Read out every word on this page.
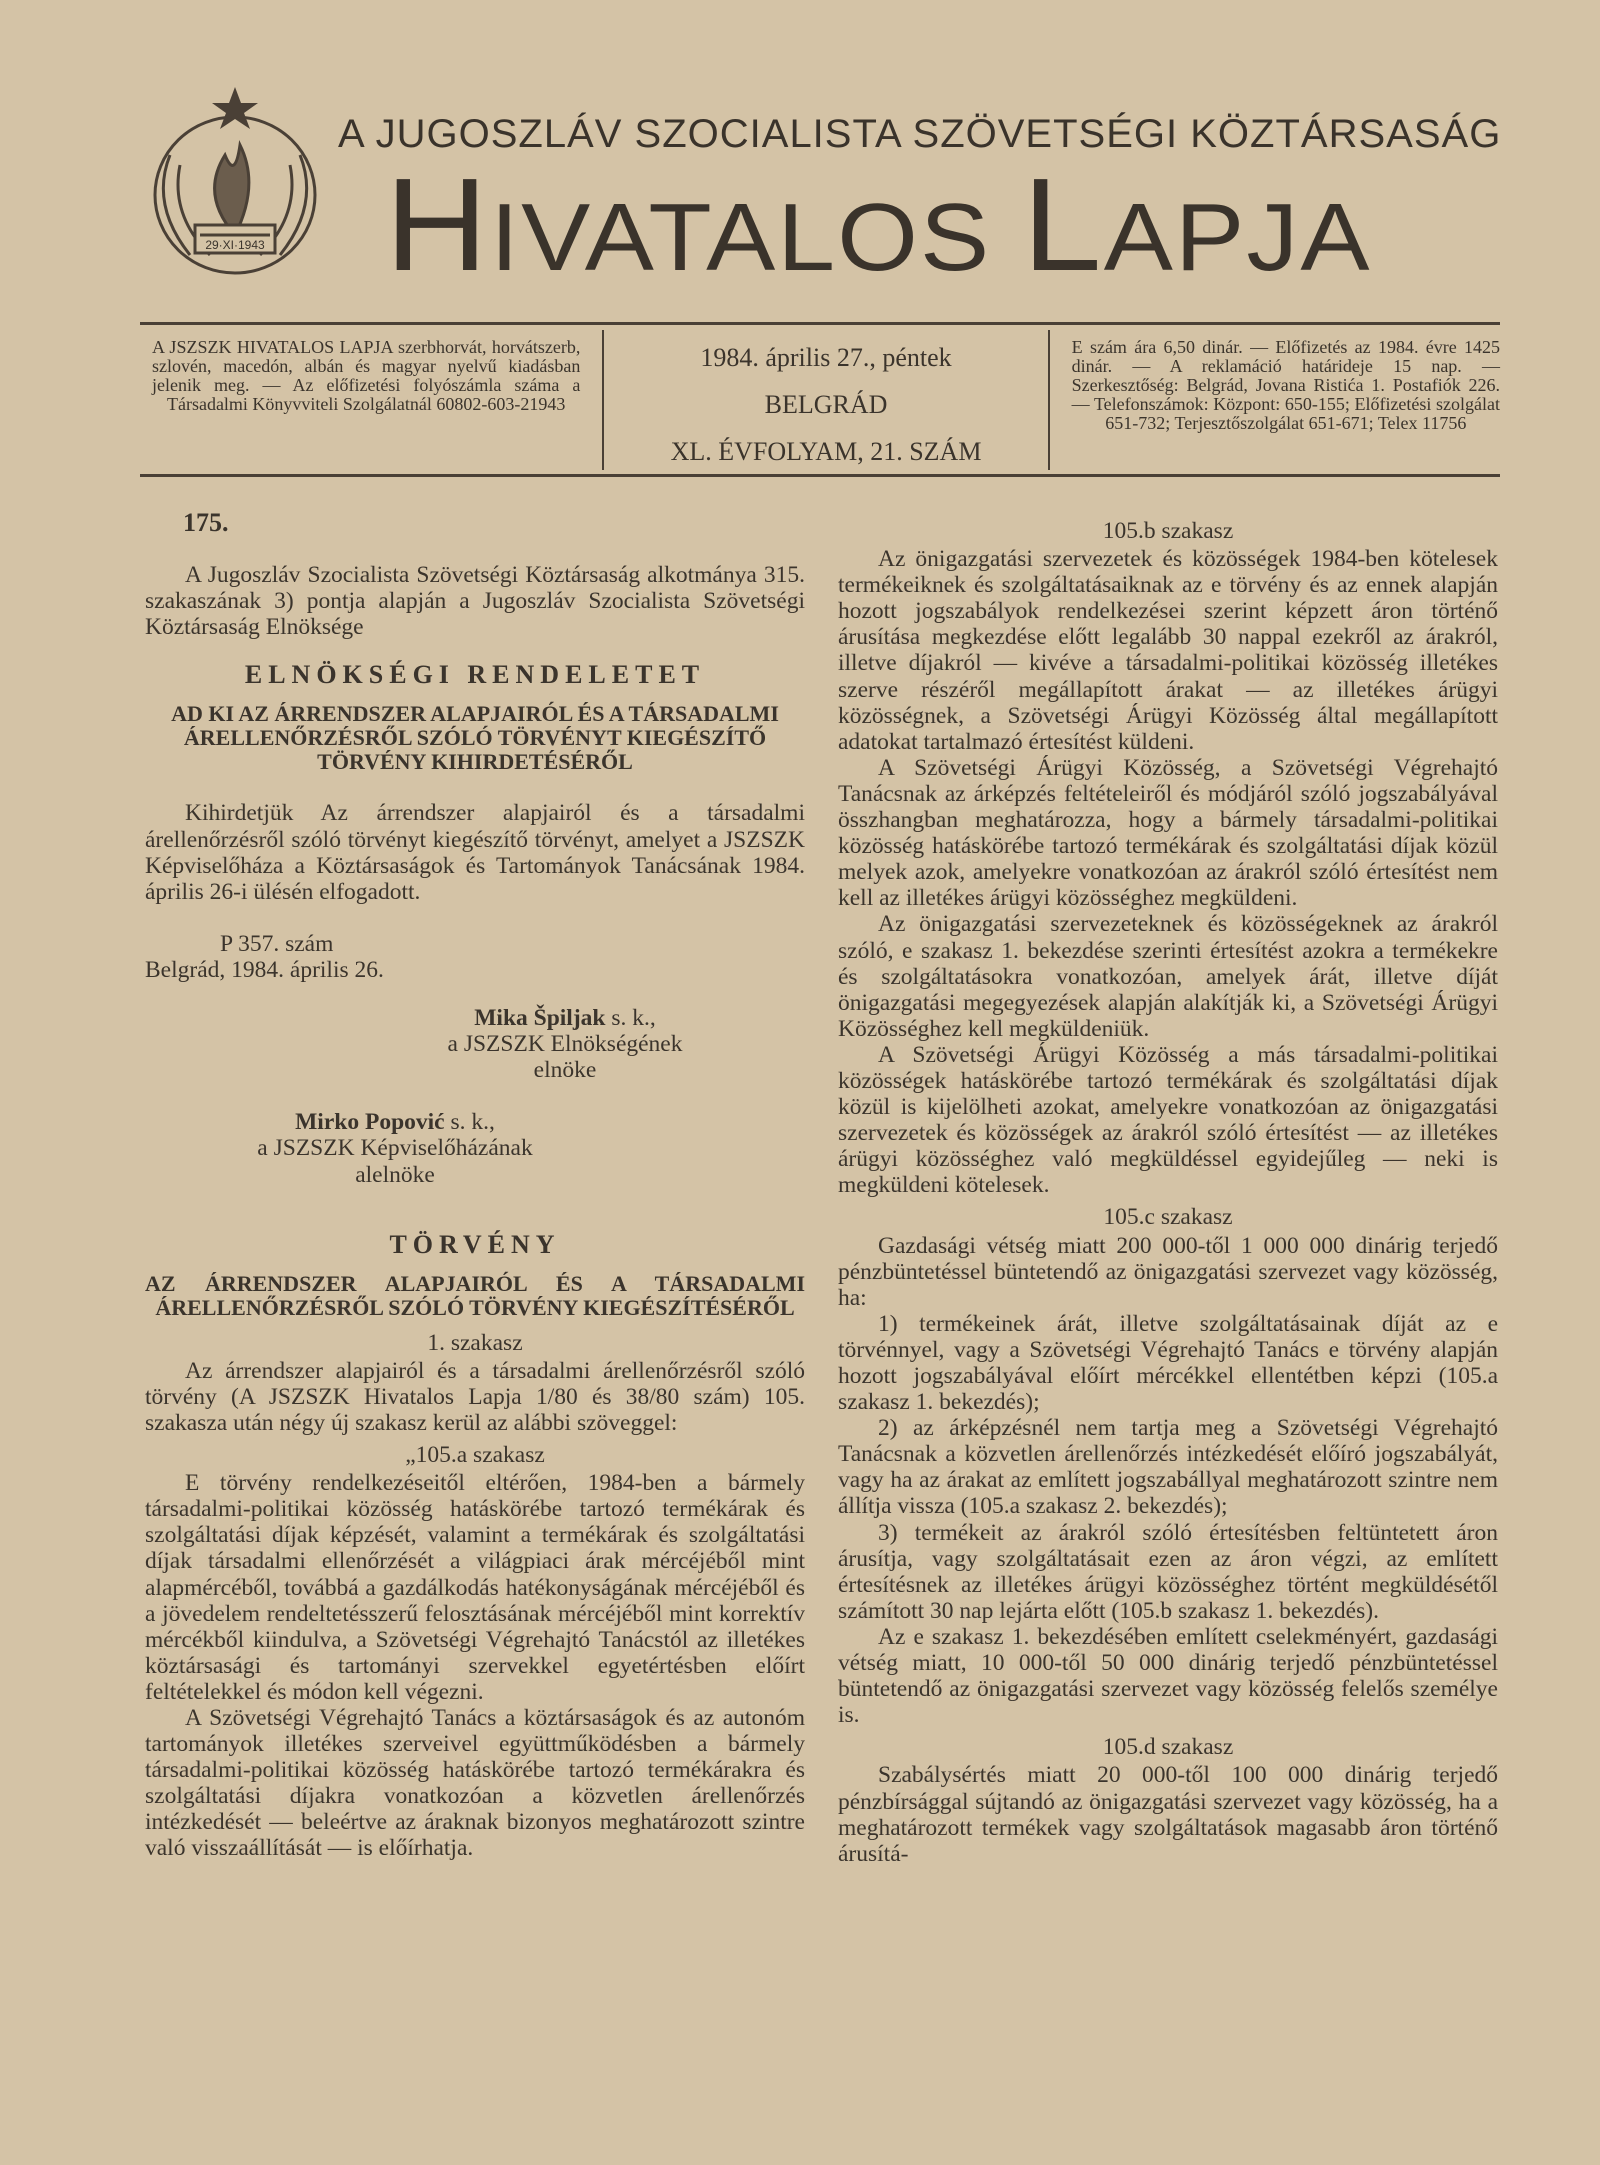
29·XI·1943
A JUGOSZLÁV SZOCIALISTA SZÖVETSÉGI KÖZTÁRSASÁG
HIVATALOS LAPJA
A JSZSZK HIVATALOS LAPJA szerbhorvát, horvátszerb, szlovén, macedón, albán és magyar nyelvű kiadásban jelenik meg. — Az előfizetési folyószámla száma a Társadalmi Könyvviteli Szolgálatnál 60802-603-21943
1984. április 27., péntek
BELGRÁD
XL. ÉVFOLYAM, 21. SZÁM
E szám ára 6,50 dinár. — Előfizetés az 1984. évre 1425 dinár. — A reklamáció határideje 15 nap. — Szerkesztőség: Belgrád, Jovana Ristića 1. Postafiók 226. — Telefonszámok: Központ: 650-155; Előfizetési szolgálat 651-732; Terjesztőszolgálat 651-671; Telex 11756
175.

A Jugoszláv Szocialista Szövetségi Köztársaság alkotmánya 315. szakaszának 3) pontja alapján a Jugoszláv Szocialista Szövetségi Köztársaság Elnöksége

ELNÖKSÉGI RENDELETET
AD KI AZ ÁRRENDSZER ALAPJAIRÓL ÉS A TÁRSADALMI ÁRELLENŐRZÉSRŐL SZÓLÓ TÖRVÉNYT KIEGÉSZÍTŐ TÖRVÉNY KIHIRDETÉSÉRŐL

Kihirdetjük Az árrendszer alapjairól és a társadalmi árellenőrzésről szóló törvényt kiegészítő törvényt, amelyet a JSZSZK Képviselőháza a Köztársaságok és Tartományok Tanácsának 1984. április 26-i ülésén elfogadott.

P 357. szám

Belgrád, 1984. április 26.

Mika Špiljak s. k.,

a JSZSZK Elnökségének

elnöke

Mirko Popović s. k.,

a JSZSZK Képviselőházának

alelnöke

TÖRVÉNY
AZ ÁRRENDSZER ALAPJAIRÓL ÉS A TÁRSADALMI ÁRELLENŐRZÉSRŐL SZÓLÓ TÖRVÉNY KIEGÉSZÍTÉSÉRŐL
1. szakasz

Az árrendszer alapjairól és a társadalmi árellenőrzésről szóló törvény (A JSZSZK Hivatalos Lapja 1/80 és 38/80 szám) 105. szakasza után négy új szakasz kerül az alábbi szöveggel:

„105.a szakasz

E törvény rendelkezéseitől eltérően, 1984-ben a bármely társadalmi-politikai közösség hatáskörébe tartozó termékárak és szolgáltatási díjak képzését, valamint a termékárak és szolgáltatási díjak társadalmi ellenőrzését a világpiaci árak mércéjéből mint alapmércéből, továbbá a gazdálkodás hatékonyságának mércéjéből és a jövedelem rendeltetésszerű felosztásának mércéjéből mint korrektív mércékből kiindulva, a Szövetségi Végrehajtó Tanácstól az illetékes köztársasági és tartományi szervekkel egyetértésben előírt feltételekkel és módon kell végezni.

A Szövetségi Végrehajtó Tanács a köztársaságok és az autonóm tartományok illetékes szerveivel együttműködésben a bármely társadalmi-politikai közösség hatáskörébe tartozó termékárakra és szolgáltatási díjakra vonatkozóan a közvetlen árellenőrzés intézkedését — beleértve az áraknak bizonyos meghatározott szintre való visszaállítását — is előírhatja.

105.b szakasz

Az önigazgatási szervezetek és közösségek 1984-ben kötelesek termékeiknek és szolgáltatásaiknak az e törvény és az ennek alapján hozott jogszabályok rendelkezései szerint képzett áron történő árusítása megkezdése előtt legalább 30 nappal ezekről az árakról, illetve díjakról — kivéve a társadalmi-politikai közösség illetékes szerve részéről megállapított árakat — az illetékes árügyi közösségnek, a Szövetségi Árügyi Közösség által megállapított adatokat tartalmazó értesítést küldeni.

A Szövetségi Árügyi Közösség, a Szövetségi Végrehajtó Tanácsnak az árképzés feltételeiről és módjáról szóló jogszabályával összhangban meghatározza, hogy a bármely társadalmi-politikai közösség hatáskörébe tartozó termékárak és szolgáltatási díjak közül melyek azok, amelyekre vonatkozóan az árakról szóló értesítést nem kell az illetékes árügyi közösséghez megküldeni.

Az önigazgatási szervezeteknek és közösségeknek az árakról szóló, e szakasz 1. bekezdése szerinti értesítést azokra a termékekre és szolgáltatásokra vonatkozóan, amelyek árát, illetve díját önigazgatási megegyezések alapján alakítják ki, a Szövetségi Árügyi Közösséghez kell megküldeniük.

A Szövetségi Árügyi Közösség a más társadalmi-politikai közösségek hatáskörébe tartozó termékárak és szolgáltatási díjak közül is kijelölheti azokat, amelyekre vonatkozóan az önigazgatási szervezetek és közösségek az árakról szóló értesítést — az illetékes árügyi közösséghez való megküldéssel egyidejűleg — neki is megküldeni kötelesek.

105.c szakasz

Gazdasági vétség miatt 200 000-től 1 000 000 dinárig terjedő pénzbüntetéssel büntetendő az önigazgatási szervezet vagy közösség, ha:

1) termékeinek árát, illetve szolgáltatásainak díját az e törvénnyel, vagy a Szövetségi Végrehajtó Tanács e törvény alapján hozott jogszabályával előírt mércékkel ellentétben képzi (105.a szakasz 1. bekezdés);

2) az árképzésnél nem tartja meg a Szövetségi Végrehajtó Tanácsnak a közvetlen árellenőrzés intézkedését előíró jogszabályát, vagy ha az árakat az említett jogszabállyal meghatározott szintre nem állítja vissza (105.a szakasz 2. bekezdés);

3) termékeit az árakról szóló értesítésben feltüntetett áron árusítja, vagy szolgáltatásait ezen az áron végzi, az említett értesítésnek az illetékes árügyi közösséghez történt megküldésétől számított 30 nap lejárta előtt (105.b szakasz 1. bekezdés).

Az e szakasz 1. bekezdésében említett cselekményért, gazdasági vétség miatt, 10 000-től 50 000 dinárig terjedő pénzbüntetéssel büntetendő az önigazgatási szervezet vagy közösség felelős személye is.

105.d szakasz

Szabálysértés miatt 20 000-től 100 000 dinárig terjedő pénzbírsággal sújtandó az önigazgatási szervezet vagy közösség, ha a meghatározott termékek vagy szolgáltatások magasabb áron történő árusítá-
